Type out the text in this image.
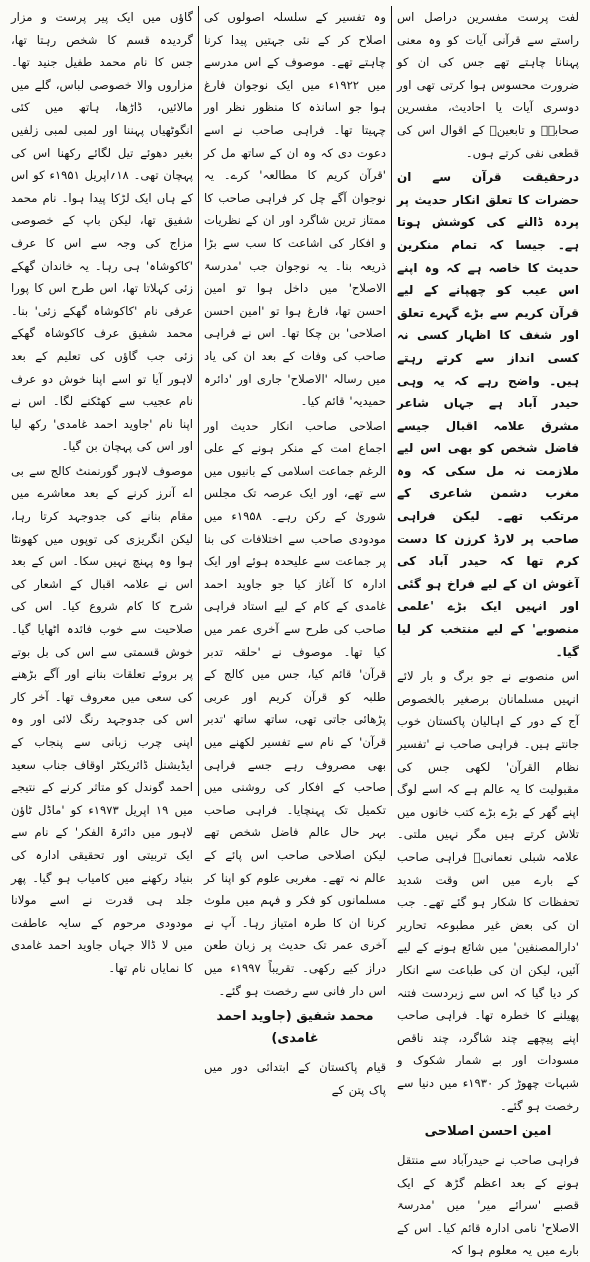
لفت پرست مفسرین دراصل اس راستے سے قرآنی آیات کو وہ معنی پہنانا چاہتے تھے جس کی ان کو ضرورت محسوس ہوا کرتی تھی اور دوسری آیات یا احادیث، مفسرین صحابہؓ و تابعینؒ کے اقوال اس کی قطعی نفی کرتے ہوں۔

درحقیقت قرآن سے ان حضرات کا تعلق انکار حدیث پر پردہ ڈالنے کی کوشش ہوتا ہے۔ جیسا کہ تمام منکرین حدیث کا خاصہ ہے کہ وہ اپنے اس عیب کو چھپانے کے لیے قرآن کریم سے بڑے گہرے تعلق اور شغف کا اظہار کسی نہ کسی انداز سے کرتے رہتے ہیں۔ واضح رہے کہ یہ وہی حیدر آباد ہے جہاں شاعر مشرق علامہ اقبال جیسے فاضل شخص کو بھی اس لیے ملازمت نہ مل سکی کہ وہ مغرب دشمن شاعری کے مرتکب تھے۔ لیکن فراہی صاحب پر لارڈ کرزن کا دست کرم تھا کہ حیدر آباد کی آغوش ان کے لیے فراخ ہو گئی اور انہیں ایک بڑے 'علمی منصوبے' کے لیے منتخب کر لیا گیا۔

اس منصوبے نے جو برگ و بار لائے انہیں مسلمانان برصغیر بالخصوص آج کے دور کے اہالیان پاکستان خوب جانتے ہیں۔ فراہی صاحب نے 'تفسیر نظام القرآن' لکھی جس کی مقبولیت کا یہ عالم ہے کہ اسے لوگ اپنے گھر کے بڑے بڑے کتب خانوں میں تلاش کرتے ہیں مگر نہیں ملتی۔ علامہ شبلی نعمانیؒ فراہی صاحب کے بارے میں اس وقت شدید تحفظات کا شکار ہو گئے تھے۔ جب ان کی بعض غیر مطبوعہ تحاریر 'دارالمصنفین' میں شائع ہونے کے لیے آئیں، لیکن ان کی طباعت سے انکار کر دیا گیا کہ اس سے زبردست فتنہ پھیلنے کا خطرہ تھا۔ فراہی صاحب اپنے پیچھے چند شاگرد، چند ناقص مسودات اور بے شمار شکوک و شبہات چھوڑ کر ۱۹۳۰ء میں دنیا سے رخصت ہو گئے۔

امین احسن اصلاحی

فراہی صاحب نے حیدرآباد سے منتقل ہونے کے بعد اعظم گڑھ کے ایک قصبے 'سرائے میر' میں 'مدرسۃ الاصلاح' نامی ادارہ قائم کیا۔ اس کے بارے میں یہ معلوم ہوا کہ

وہ تفسیر کے سلسلہ اصولوں کی اصلاح کر کے نئی جہتیں پیدا کرنا چاہتے تھے۔ موصوف کے اس مدرسے میں ۱۹۲۲ء میں ایک نوجوان فارغ ہوا جو اسانذہ کا منظور نظر اور چہیتا تھا۔ فراہی صاحب نے اسے دعوت دی کہ وہ ان کے ساتھ مل کر 'قرآن کریم کا مطالعہ' کرے۔ یہ نوجوان آگے چل کر فراہی صاحب کا ممتاز ترین شاگرد اور ان کے نظریات و افکار کی اشاعت کا سب سے بڑا ذریعہ بنا۔ یہ نوجوان جب 'مدرسۃ الاصلاح' میں داخل ہوا تو امین احسن تھا، فارغ ہوا تو 'امین احسن اصلاحی' بن چکا تھا۔ اس نے فراہی صاحب کی وفات کے بعد ان کی یاد میں رسالہ 'الاصلاح' جاری اور 'دائرہ حمیدیہ' قائم کیا۔

اصلاحی صاحب انکار حدیث اور اجماع امت کے منکر ہونے کے علی الرغم جماعت اسلامی کے بانیوں میں سے تھے، اور ایک عرصہ تک مجلس شوریٰ کے رکن رہے۔ ۱۹۵۸ء میں مودودی صاحب سے اختلافات کی بنا پر جماعت سے علیحدہ ہوئے اور ایک ادارہ کا آغاز کیا جو جاوید احمد غامدی کے کام کے لیے استاد فراہی صاحب کی طرح سے آخری عمر میں کیا تھا۔ موصوف نے 'حلقہ تدبر قرآن' قائم کیا، جس میں کالج کے طلبہ کو قرآن کریم اور عربی پڑھائی جاتی تھی، ساتھ ساتھ 'تدبر قرآن' کے نام سے تفسیر لکھنے میں بھی مصروف رہے جسے فراہی صاحب کے افکار کی روشنی میں تکمیل تک پہنچایا۔ فراہی صاحب بہر حال عالم فاضل شخص تھے لیکن اصلاحی صاحب اس پائے کے عالم نہ تھے۔ مغربی علوم کو اپنا کر مسلمانوں کو فکر و فہم میں ملوث کرنا ان کا طرہ امتیاز رہا۔ آپ نے آخری عمر تک حدیث پر زبان طعن دراز کیے رکھی۔ تقریباً ۱۹۹۷ء میں اس دار فانی سے رخصت ہو گئے۔

محمد شفیق (جاوید احمد غامدی)

قیام پاکستان کے ابتدائی دور میں پاک پتن کے

گاؤں میں ایک پیر پرست و مزار گردیدہ قسم کا شخص رہتا تھا، جس کا نام محمد طفیل جنید تھا۔ مزاروں والا خصوصی لباس، گلے میں مالائیں، ڈاڑھا، ہاتھ میں کئی انگوٹھیاں پہننا اور لمبی لمبی زلفیں بغیر دھوئے تیل لگائے رکھنا اس کی پہچان تھی۔ ۱۸؍اپریل ۱۹۵۱ء کو اس کے ہاں ایک لڑکا پیدا ہوا۔ نام محمد شفیق تھا، لیکن باپ کے خصوصی مزاج کی وجہ سے اس کا عرف 'کاکوشاہ' ہی رہا۔ یہ خاندان گھکے زئی کہلاتا تھا، اس طرح اس کا پورا عرفی نام 'کاکوشاہ گھکے زئی' بنا۔ محمد شفیق عرف کاکوشاہ گھکے زئی جب گاؤں کی تعلیم کے بعد لاہور آیا تو اسے اپنا خوش دو عرف نام عجیب سے کھٹکنے لگا۔ اس نے اپنا نام 'جاوید احمد غامدی' رکھ لیا اور اس کی پہچان بن گیا۔

موصوف لاہور گورنمنٹ کالج سے بی اے آنرز کرنے کے بعد معاشرے میں مقام بنانے کی جدوجہد کرتا رہا، لیکن انگریزی کی توپوں میں کھونٹا ہوا وہ پہنچ نہیں سکا۔ اس کے بعد اس نے علامہ اقبال کے اشعار کی شرح کا کام شروع کیا۔ اس کی صلاحیت سے خوب فائدہ اٹھایا گیا۔ خوش قسمتی سے اس کی بل بوتے پر بروئے تعلقات بنانے اور آگے بڑھنے کی سعی میں معروف تھا۔ آخر کار اس کی جدوجہد رنگ لائی اور وہ اپنی چرب زبانی سے پنجاب کے ایڈیشنل ڈائریکٹر اوقاف جناب سعید احمد گوندل کو متاثر کرنے کے نتیجے میں ۱۹ اپریل ۱۹۷۳ء کو 'ماڈل ٹاؤن لاہور میں دائرۃ الفکر' کے نام سے ایک تربیتی اور تحقیقی ادارہ کی بنیاد رکھنے میں کامیاب ہو گیا۔ پھر جلد ہی قدرت نے اسے مولانا مودودی مرحوم کے سایہ عاطفت میں لا ڈالا جہاں جاوید احمد غامدی کا نمایاں نام تھا۔
